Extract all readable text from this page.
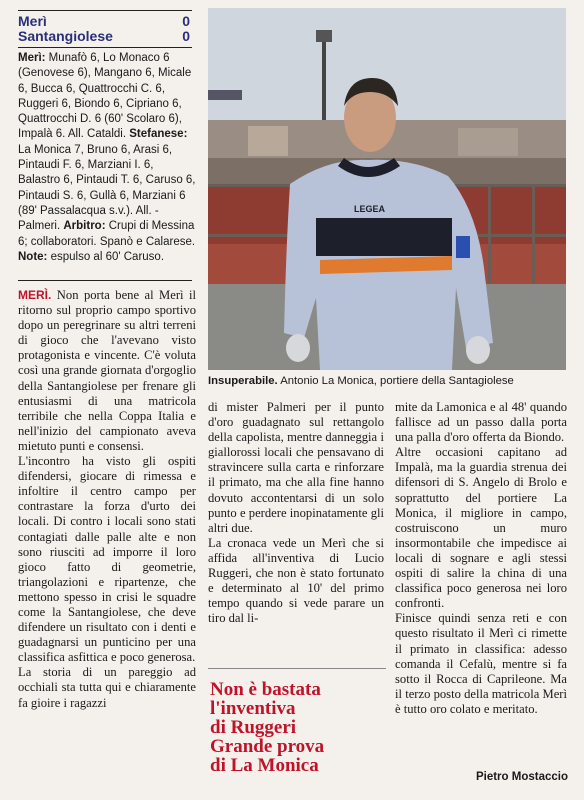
Merì	0
Santangiolese	0
Merì: Munafò 6, Lo Monaco 6 (Genovese 6), Mangano 6, Micale 6, Bucca 6, Quattrocchi C. 6, Ruggeri 6, Biondo 6, Cipriano 6, Quattrocchi D. 6 (60' Scolaro 6), Impalà 6. All. Cataldi. Stefanese: La Monica 7, Bruno 6, Arasi 6, Pintaudi F. 6, Marziani I. 6, Balastro 6, Pintaudi T. 6, Caruso 6, Pintaudi S. 6, Gullà 6, Marziani 6 (89' Passalacqua s.v.). All. -Palmeri. Arbitro: Crupi di Messina 6; collaboratori. Spanò e Calarese. Note: espulso al 60' Caruso.
LEGEA
Insuperabile. Antonio La Monica, portiere della Santagiolese

MERÌ. Non porta bene al Merì il ritorno sul proprio campo sportivo dopo un peregrinare su altri terreni di gioco che l'avevano visto protagonista e vincente. C'è voluta così una grande giornata d'orgoglio della Santangiolese per frenare gli entusiasmi di una matricola terribile che nella Coppa Italia e nell'inizio del campionato aveva mietuto punti e consensi.

L'incontro ha visto gli ospiti difendersi, giocare di rimessa e infoltire il centro campo per contrastare la forza d'urto dei locali. Di contro i locali sono stati contagiati dalle palle alte e non sono riusciti ad imporre il loro gioco fatto di geometrie, triangolazioni e ripartenze, che mettono spesso in crisi le squadre come la Santangiolese, che deve difendere un risultato con i denti e guadagnarsi un punticino per una classifica asfittica e poco generosa.

La storia di un pareggio ad occhiali sta tutta qui e chiaramente fa gioire i ragazzi

di mister Palmeri per il punto d'oro guadagnato sul rettangolo della capolista, mentre danneggia i giallorossi locali che pensavano di stravincere sulla carta e rinforzare il primato, ma che alla fine hanno dovuto accontentarsi di un solo punto e perdere inopinatamente gli altri due.

La cronaca vede un Merì che si affida all'inventiva di Lucio Ruggeri, che non è stato fortunato e determinato al 10' del primo tempo quando si vede parare un tiro dal li-

Non è bastata
l'inventiva
di Ruggeri
Grande prova
di La Monica

mite da Lamonica e al 48' quando fallisce ad un passo dalla porta una palla d'oro offerta da Biondo.

Altre occasioni capitano ad Impalà, ma la guardia strenua dei difensori di S. Angelo di Brolo e soprattutto del portiere La Monica, il migliore in campo, costruiscono un muro insormontabile che impedisce ai locali di sognare e agli stessi ospiti di salire la china di una classifica poco generosa nei loro confronti.

Finisce quindi senza reti e con questo risultato il Merì ci rimette il primato in classifica: adesso comanda il Cefalù, mentre si fa sotto il Rocca di Caprileone. Ma il terzo posto della matricola Merì è tutto oro colato e meritato.

Pietro Mostaccio
